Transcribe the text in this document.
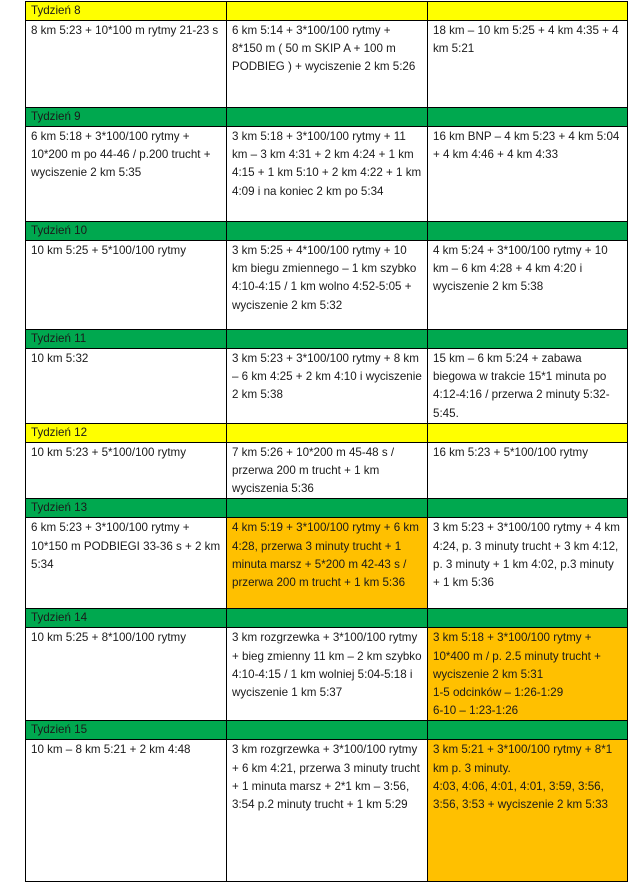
Tydzień 8		
8 km 5:23 + 10*100 m rytmy 21-23 s	6 km 5:14 + 3*100/100 rytmy + 8*150 m ( 50 m SKIP A + 100 m PODBIEG ) + wyciszenie 2 km 5:26	18 km – 10 km 5:25 + 4 km 4:35 + 4 km 5:21
Tydzień 9		
6 km 5:18 + 3*100/100 rytmy + 10*200 m po 44-46 / p.200 trucht + wyciszenie 2 km 5:35	3 km 5:18 + 3*100/100 rytmy + 11 km – 3 km 4:31 + 2 km 4:24 + 1 km 4:15 + 1 km 5:10 + 2 km 4:22 + 1 km 4:09 i na koniec 2 km po 5:34	16 km BNP – 4 km 5:23 + 4 km 5:04 + 4 km 4:46 + 4 km 4:33
Tydzień 10		
10 km 5:25 + 5*100/100 rytmy	3 km 5:25 + 4*100/100 rytmy + 10 km biegu zmiennego – 1 km szybko 4:10-4:15 / 1 km wolno 4:52-5:05 + wyciszenie 2 km 5:32	4 km 5:24 + 3*100/100 rytmy + 10 km – 6 km 4:28 + 4 km 4:20 i wyciszenie 2 km 5:38
Tydzień 11		
10 km 5:32	3 km 5:23 + 3*100/100 rytmy + 8 km – 6 km 4:25 + 2 km 4:10 i wyciszenie 2 km 5:38	15 km – 6 km 5:24 + zabawa biegowa w trakcie 15*1 minuta po 4:12-4:16 / przerwa 2 minuty 5:32-5:45.
Tydzień 12		
10 km 5:23 + 5*100/100 rytmy	7 km 5:26 + 10*200 m 45-48 s / przerwa 200 m trucht + 1 km wyciszenia 5:36	16 km 5:23 + 5*100/100 rytmy
Tydzień 13		
6 km 5:23 + 3*100/100 rytmy + 10*150 m PODBIEGI 33-36 s + 2 km 5:34	4 km 5:19 + 3*100/100 rytmy + 6 km 4:28, przerwa 3 minuty trucht + 1 minuta marsz + 5*200 m 42-43 s / przerwa 200 m trucht + 1 km 5:36	3 km 5:23 + 3*100/100 rytmy + 4 km 4:24, p. 3 minuty trucht + 3 km 4:12, p. 3 minuty + 1 km 4:02, p.3 minuty + 1 km 5:36
Tydzień 14		
10 km 5:25 + 8*100/100 rytmy	3 km rozgrzewka + 3*100/100 rytmy + bieg zmienny 11 km – 2 km szybko 4:10-4:15 / 1 km wolniej 5:04-5:18 i wyciszenie 1 km 5:37	3 km 5:18 + 3*100/100 rytmy + 10*400 m / p. 2.5 minuty trucht + wyciszenie 2 km 5:31
1-5 odcinków – 1:26-1:29
6-10 – 1:23-1:26
Tydzień 15		
10 km – 8 km 5:21 + 2 km 4:48	3 km rozgrzewka + 3*100/100 rytmy + 6 km 4:21, przerwa 3 minuty trucht + 1 minuta marsz + 2*1 km – 3:56, 3:54 p.2 minuty trucht + 1 km 5:29	3 km 5:21 + 3*100/100 rytmy + 8*1 km p. 3 minuty.
4:03, 4:06, 4:01, 4:01, 3:59, 3:56, 3:56, 3:53 + wyciszenie 2 km 5:33
